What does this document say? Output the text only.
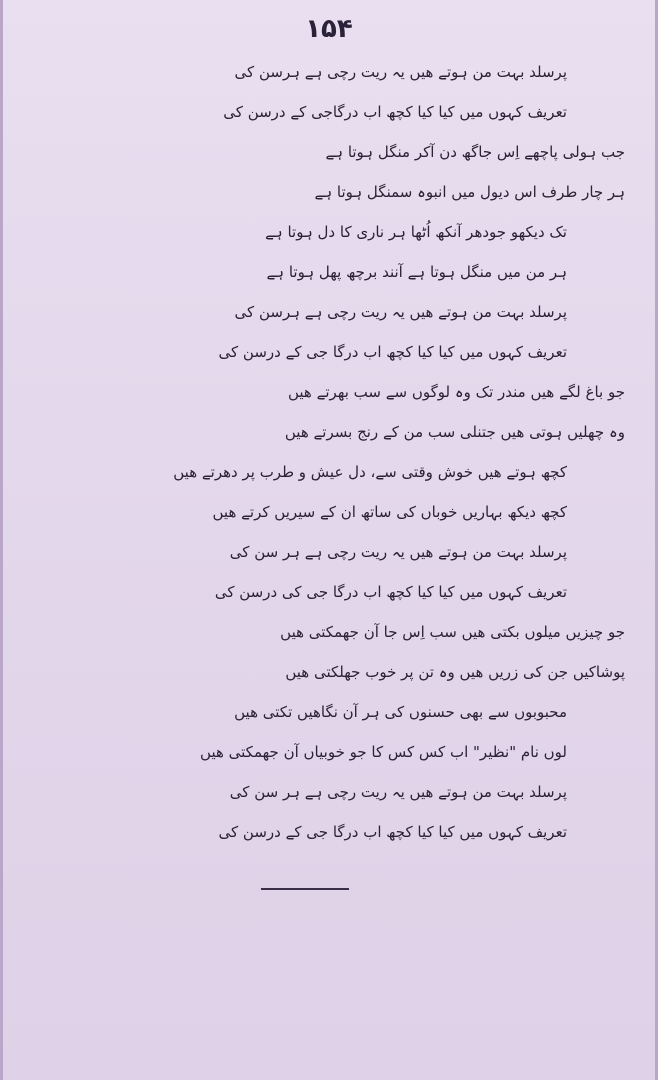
۱۵۴
پرسلد بہت من ہوتے ھیں یہ ریت رچی ہے ہرسن کی
تعریف کہوں میں کیا کیا کچھ اب درگاجی کے درسن کی
جب ہولی پاچھے اِس جاگھ دن آکر منگل ہوتا ہے
ہر چار طرف اس دیول میں انبوہ سمنگل ہوتا ہے
تک دیکھو جودھر آنکھ اُٹھا ہر ناری کا دل ہوتا ہے
ہر من میں منگل ہوتا ہے آنند برچھ پھل ہوتا ہے
پرسلد بہت من ہوتے ھیں یہ ریت رچی ہے ہرسن کی
تعریف کہوں میں کیا کیا کچھ اب درگا جی کے درسن کی
جو باغ لگے ھیں مندر تک وہ لوگوں سے سب بھرتے ھیں
وہ چھلیں ہوتی ھیں جتنلی سب من کے رنج بسرتے ھیں
کچھ ہوتے ھیں خوش وقتی سے، دل عیش و طرب پر دھرتے ھیں
کچھ دیکھ بہاریں خوباں کی ساتھ ان کے سیریں کرتے ھیں
پرسلد بہت من ہوتے ھیں یہ ریت رچی ہے ہر سن کی
تعریف کہوں میں کیا کیا کچھ اب درگا جی کی درسن کی
جو چیزیں میلوں بکتی ھیں سب اِس جا آن جھمکتی ھیں
پوشاکیں جن کی زریں ھیں وہ تن پر خوب جھلکتی ھیں
محبوبوں سے بھی حسنوں کی ہر آن نگاھیں تکتی ھیں
لوں نام "نظیر" اب کس کس کا جو خوبیاں آن جھمکتی ھیں
پرسلد بہت من ہوتے ھیں یہ ریت رچی ہے ہر سن کی
تعریف کہوں میں کیا کیا کچھ اب درگا جی کے درسن کی
